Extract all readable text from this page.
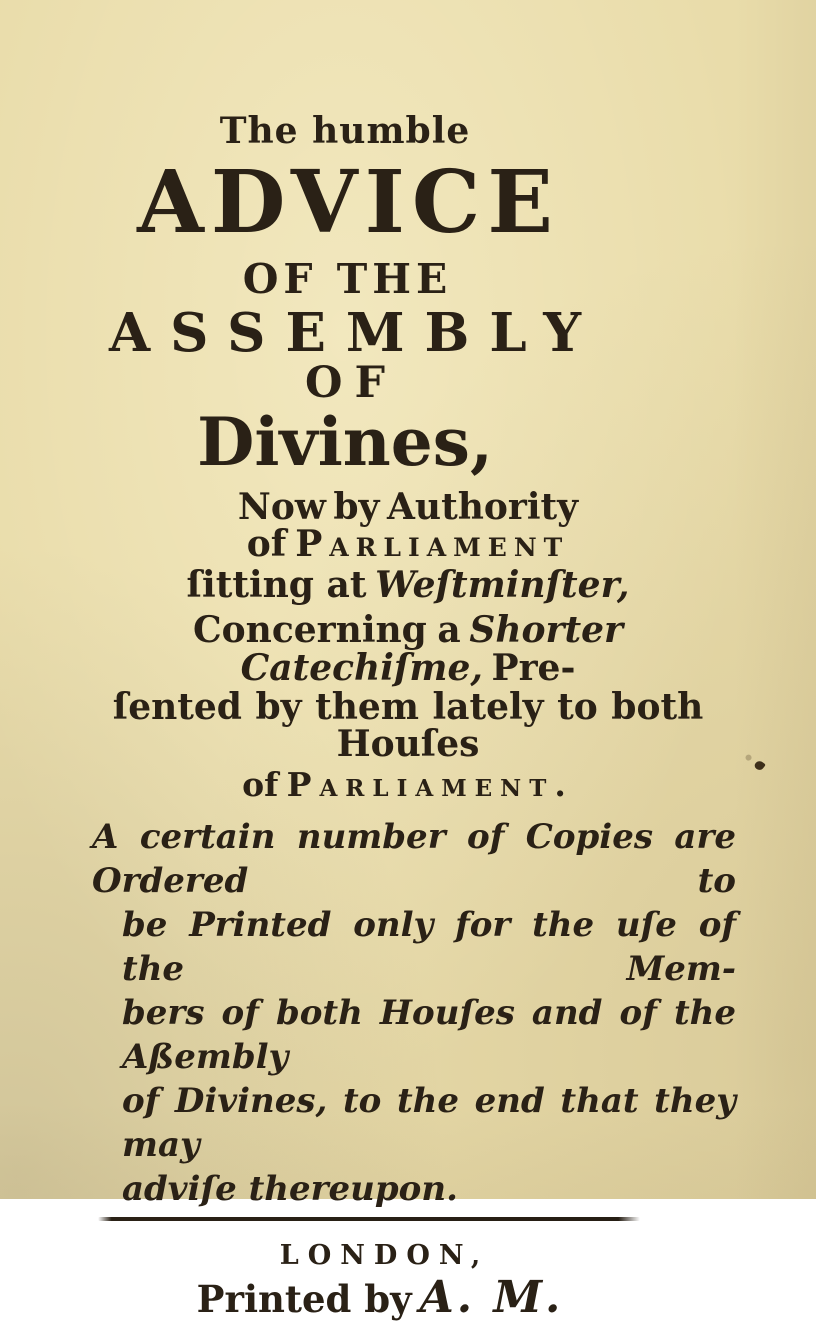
The humble
ADVICE
OF THE
ASSEMBLY
OF
Divines,
Now by Authority of Parliament
ſitting at Weſtminſter,
Concerning a Shorter Catechiſme, Pre-
ſented by them lately to both Houſes
of Parliament.
A certain number of Copies are Ordered to
be Printed only for the uſe of the Mem-
bers of both Houſes and of the Aßembly
of Divines, to the end that they may
adviſe thereupon.
LONDON,
Printed by A. M.
